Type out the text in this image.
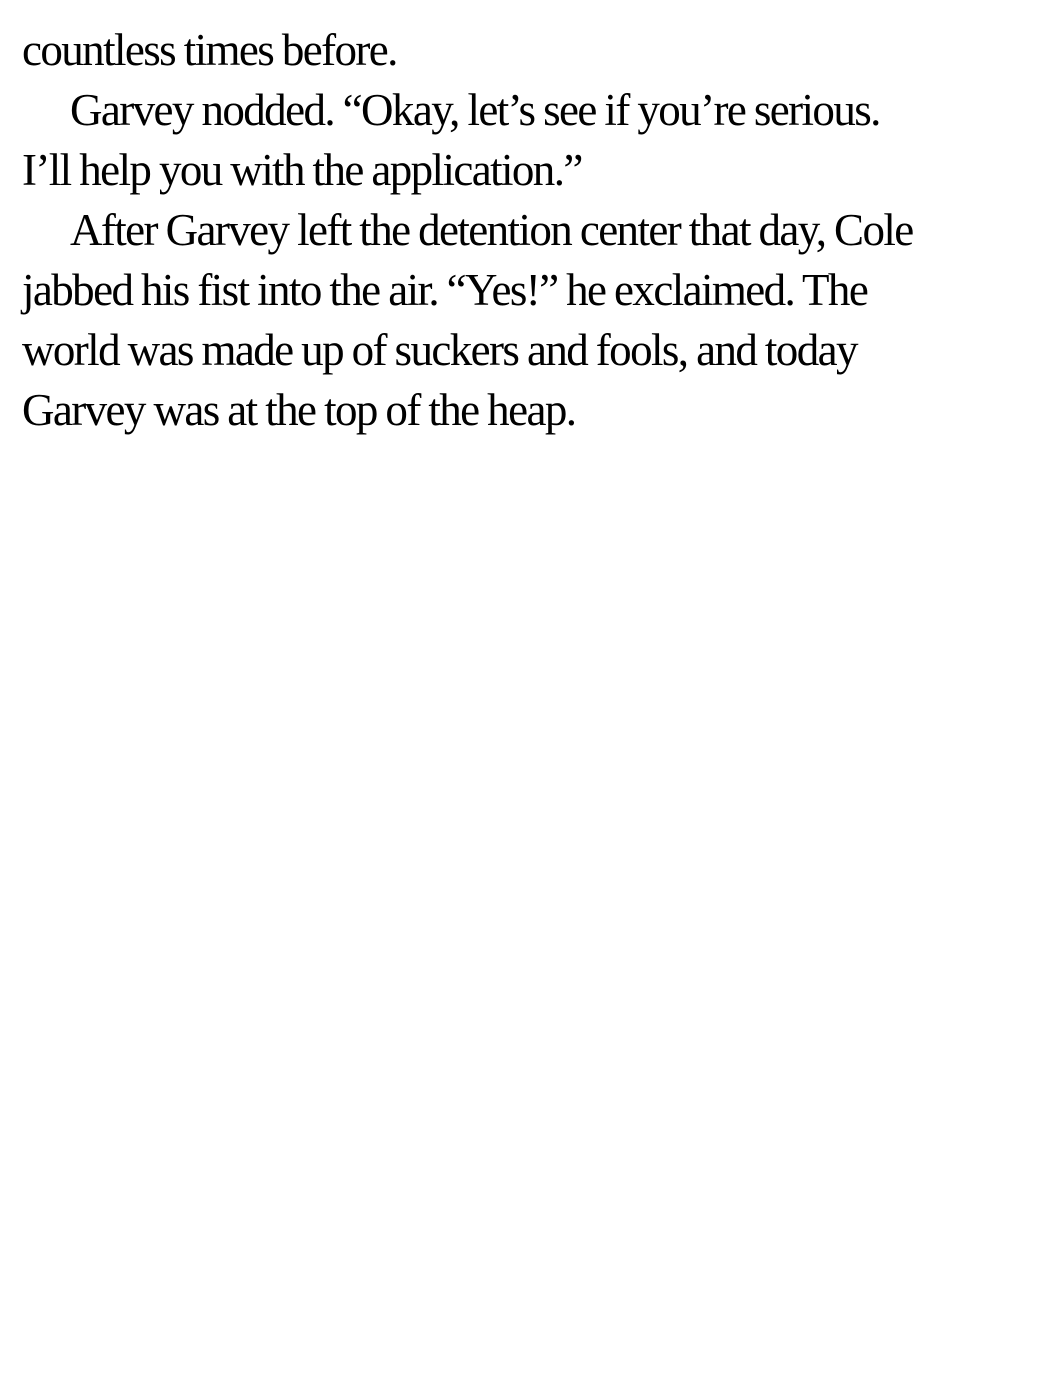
countless times before.
Garvey nodded. “Okay, let’s see if you’re serious.
I’ll help you with the application.”
After Garvey left the detention center that day, Cole
jabbed his fist into the air. “Yes!” he exclaimed. The
world was made up of suckers and fools, and today
Garvey was at the top of the heap.
